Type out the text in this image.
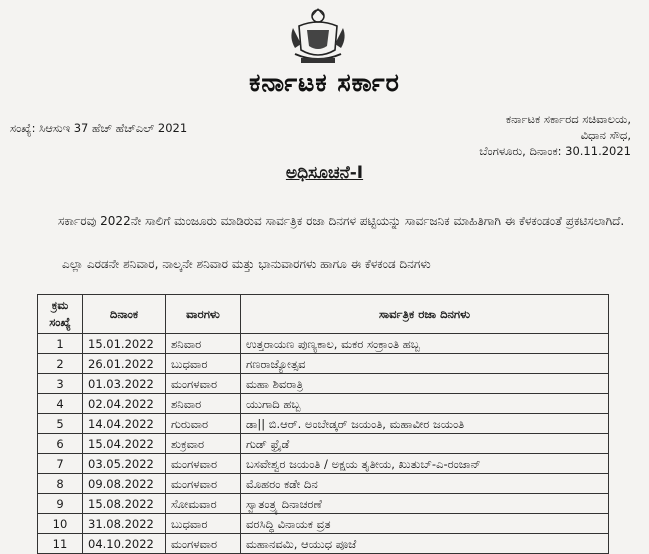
ಕರ್ನಾಟಕ ಸರ್ಕಾರ
ಸಂಖ್ಯೆ: ಸಿಆಸುಇ 37 ಹೆಚ್ ಹೆಚ್‌ಎಲ್ 2021
ಕರ್ನಾಟಕ ಸರ್ಕಾರದ ಸಚಿವಾಲಯ,
ವಿಧಾನ ಸೌಧ,
ಬೆಂಗಳೂರು, ದಿನಾಂಕ: 30.11.2021
ಅಧಿಸೂಚನೆ-I
ಸರ್ಕಾರವು 2022ನೇ ಸಾಲಿಗೆ ಮಂಜೂರು ಮಾಡಿರುವ ಸಾರ್ವತ್ರಿಕ ರಜಾ ದಿನಗಳ ಪಟ್ಟಿಯನ್ನು ಸಾರ್ವಜನಿಕ ಮಾಹಿತಿಗಾಗಿ ಈ ಕೆಳಕಂಡಂತೆ ಪ್ರಕಟಿಸಲಾಗಿದೆ.
ಎಲ್ಲಾ ಎರಡನೇ ಶನಿವಾರ, ನಾಲ್ಕನೇ ಶನಿವಾರ ಮತ್ತು ಭಾನುವಾರಗಳು ಹಾಗೂ ಈ ಕೆಳಕಂಡ ದಿನಗಳು
ಕ್ರಮ
ಸಂಖ್ಯೆ	ದಿನಾಂಕ	ವಾರಗಳು	ಸಾರ್ವತ್ರಿಕ ರಜಾ ದಿನಗಳು
1	15.01.2022	ಶನಿವಾರ	ಉತ್ತರಾಯಣ ಪುಣ್ಯಕಾಲ, ಮಕರ ಸಂಕ್ರಾಂತಿ ಹಬ್ಬ
2	26.01.2022	ಬುಧವಾರ	ಗಣರಾಜ್ಯೋತ್ಸವ
3	01.03.2022	ಮಂಗಳವಾರ	ಮಹಾ ಶಿವರಾತ್ರಿ
4	02.04.2022	ಶನಿವಾರ	ಯುಗಾದಿ ಹಬ್ಬ
5	14.04.2022	ಗುರುವಾರ	ಡಾ|| ಬಿ.ಆರ್. ಅಂಬೇಡ್ಕರ್ ಜಯಂತಿ, ಮಹಾವೀರ ಜಯಂತಿ
6	15.04.2022	ಶುಕ್ರವಾರ	ಗುಡ್ ಫ್ರೈಡೆ
7	03.05.2022	ಮಂಗಳವಾರ	ಬಸವೇಶ್ವರ ಜಯಂತಿ / ಅಕ್ಷಯ ತೃತೀಯ, ಖುತುಬ್-ಎ-ರಂಜಾನ್
8	09.08.2022	ಮಂಗಳವಾರ	ಮೊಹರಂ ಕಡೇ ದಿನ
9	15.08.2022	ಸೋಮವಾರ	ಸ್ವಾತಂತ್ರ್ಯ ದಿನಾಚರಣೆ
10	31.08.2022	ಬುಧವಾರ	ವರಸಿದ್ಧಿ ವಿನಾಯಕ ವ್ರತ
11	04.10.2022	ಮಂಗಳವಾರ	ಮಹಾನವಮಿ, ಆಯುಧ ಪೂಜೆ
